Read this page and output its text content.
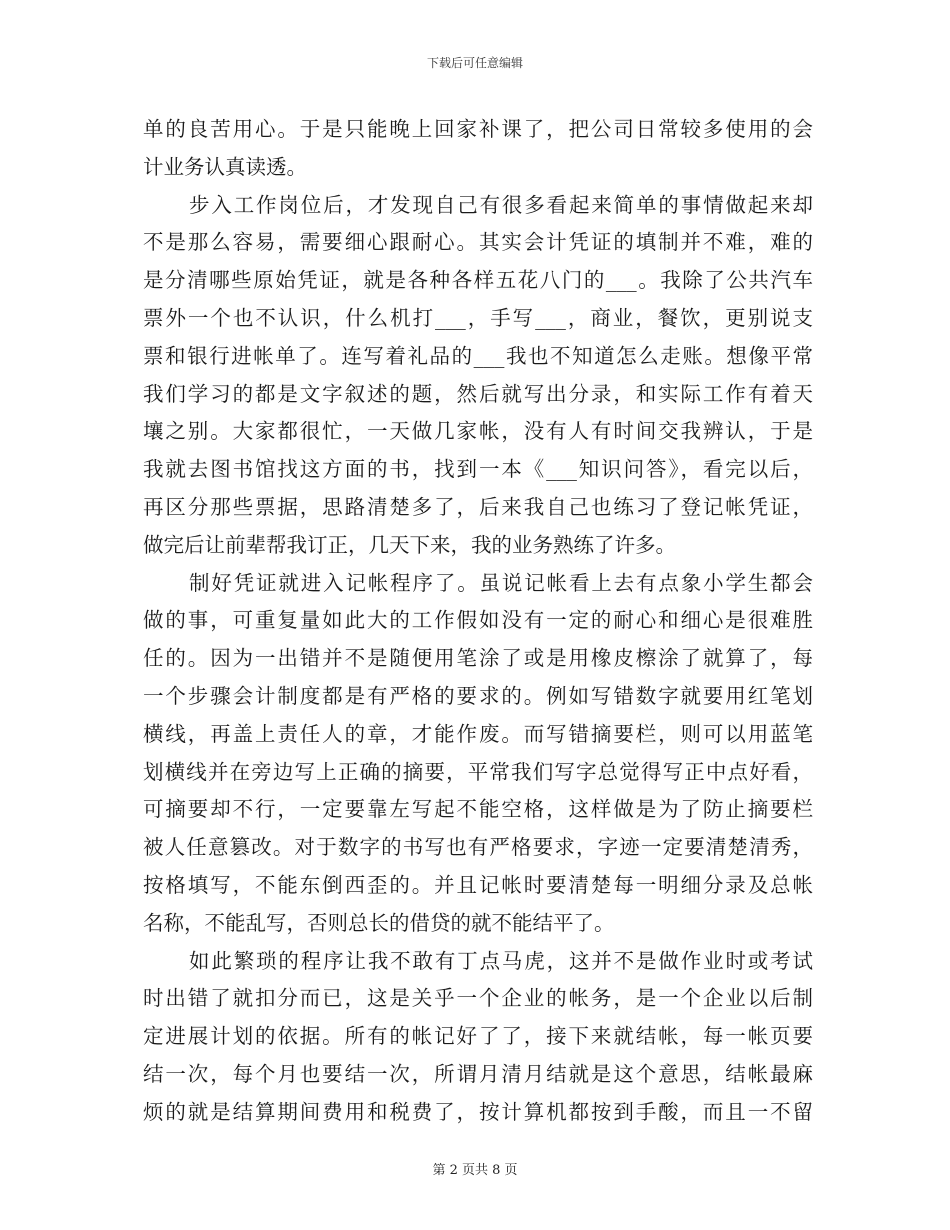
下载后可任意编辑
单的良苦用心。于是只能晚上回家补课了，把公司日常较多使用的会
计业务认真读透。
步入工作岗位后，才发现自己有很多看起来简单的事情做起来却
不是那么容易，需要细心跟耐心。其实会计凭证的填制并不难，难的
是分清哪些原始凭证，就是各种各样五花八门的___。我除了公共汽车
票外一个也不认识，什么机打___，手写___，商业，餐饮，更别说支
票和银行进帐单了。连写着礼品的___我也不知道怎么走账。想像平常
我们学习的都是文字叙述的题，然后就写出分录，和实际工作有着天
壤之别。大家都很忙，一天做几家帐，没有人有时间交我辨认，于是
我就去图书馆找这方面的书，找到一本《___知识问答》，看完以后，
再区分那些票据，思路清楚多了，后来我自己也练习了登记帐凭证，
做完后让前辈帮我订正，几天下来，我的业务熟练了许多。
制好凭证就进入记帐程序了。虽说记帐看上去有点象小学生都会
做的事，可重复量如此大的工作假如没有一定的耐心和细心是很难胜
任的。因为一出错并不是随便用笔涂了或是用橡皮檫涂了就算了，每
一个步骤会计制度都是有严格的要求的。例如写错数字就要用红笔划
横线，再盖上责任人的章，才能作废。而写错摘要栏，则可以用蓝笔
划横线并在旁边写上正确的摘要，平常我们写字总觉得写正中点好看，
可摘要却不行，一定要靠左写起不能空格，这样做是为了防止摘要栏
被人任意篡改。对于数字的书写也有严格要求，字迹一定要清楚清秀，
按格填写，不能东倒西歪的。并且记帐时要清楚每一明细分录及总帐
名称，不能乱写，否则总长的借贷的就不能结平了。
如此繁琐的程序让我不敢有丁点马虎，这并不是做作业时或考试
时出错了就扣分而已，这是关乎一个企业的帐务，是一个企业以后制
定进展计划的依据。所有的帐记好了了，接下来就结帐，每一帐页要
结一次，每个月也要结一次，所谓月清月结就是这个意思，结帐最麻
烦的就是结算期间费用和税费了，按计算机都按到手酸，而且一不留
第 2 页共 8 页
